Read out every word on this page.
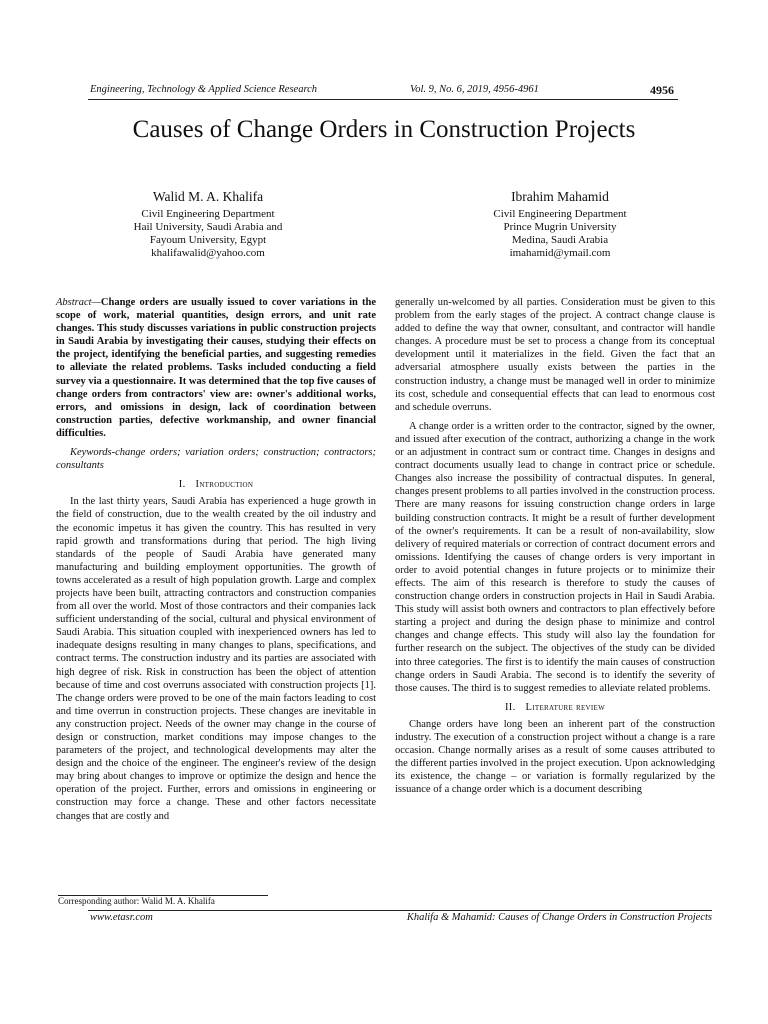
Engineering, Technology & Applied Science Research	Vol. 9, No. 6, 2019, 4956-4961	4956
Causes of Change Orders in Construction Projects
Walid M. A. Khalifa
Civil Engineering Department
Hail University, Saudi Arabia and
Fayoum University, Egypt
khalifawalid@yahoo.com
Ibrahim Mahamid
Civil Engineering Department
Prince Mugrin University
Medina, Saudi Arabia
imahamid@ymail.com

Abstract—Change orders are usually issued to cover variations in the scope of work, material quantities, design errors, and unit rate changes. This study discusses variations in public construction projects in Saudi Arabia by investigating their causes, studying their effects on the project, identifying the beneficial parties, and suggesting remedies to alleviate the related problems. Tasks included conducting a field survey via a questionnaire. It was determined that the top five causes of change orders from contractors' view are: owner's additional works, errors, and omissions in design, lack of coordination between construction parties, defective workmanship, and owner financial difficulties.

Keywords-change orders; variation orders; construction; contractors; consultants

I. Introduction

In the last thirty years, Saudi Arabia has experienced a huge growth in the field of construction, due to the wealth created by the oil industry and the economic impetus it has given the country. This has resulted in very rapid growth and transformations during that period. The high living standards of the people of Saudi Arabia have generated many manufacturing and building employment opportunities. The growth of towns accelerated as a result of high population growth. Large and complex projects have been built, attracting contractors and construction companies from all over the world. Most of those contractors and their companies lack sufficient understanding of the social, cultural and physical environment of Saudi Arabia. This situation coupled with inexperienced owners has led to inadequate designs resulting in many changes to plans, specifications, and contract terms. The construction industry and its parties are associated with high degree of risk. Risk in construction has been the object of attention because of time and cost overruns associated with construction projects [1]. The change orders were proved to be one of the main factors leading to cost and time overrun in construction projects. These changes are inevitable in any construction project. Needs of the owner may change in the course of design or construction, market conditions may impose changes to the parameters of the project, and technological developments may alter the design and the choice of the engineer. The engineer's review of the design may bring about changes to improve or optimize the design and hence the operation of the project. Further, errors and omissions in engineering or construction may force a change. These and other factors necessitate changes that are costly and

generally un-welcomed by all parties. Consideration must be given to this problem from the early stages of the project. A contract change clause is added to define the way that owner, consultant, and contractor will handle changes. A procedure must be set to process a change from its conceptual development until it materializes in the field. Given the fact that an adversarial atmosphere usually exists between the parties in the construction industry, a change must be managed well in order to minimize its cost, schedule and consequential effects that can lead to enormous cost and schedule overruns.

A change order is a written order to the contractor, signed by the owner, and issued after execution of the contract, authorizing a change in the work or an adjustment in contract sum or contract time. Changes in designs and contract documents usually lead to change in contract price or schedule. Changes also increase the possibility of contractual disputes. In general, changes present problems to all parties involved in the construction process. There are many reasons for issuing construction change orders in large building construction contracts. It might be a result of further development of the owner's requirements. It can be a result of non-availability, slow delivery of required materials or correction of contract document errors and omissions. Identifying the causes of change orders is very important in order to avoid potential changes in future projects or to minimize their effects. The aim of this research is therefore to study the causes of construction change orders in construction projects in Hail in Saudi Arabia. This study will assist both owners and contractors to plan effectively before starting a project and during the design phase to minimize and control changes and change effects. This study will also lay the foundation for further research on the subject. The objectives of the study can be divided into three categories. The first is to identify the main causes of construction change orders in Saudi Arabia. The second is to identify the severity of those causes. The third is to suggest remedies to alleviate related problems.

II. Literature review

Change orders have long been an inherent part of the construction industry. The execution of a construction project without a change is a rare occasion. Change normally arises as a result of some causes attributed to the different parties involved in the project execution. Upon acknowledging its existence, the change – or variation is formally regularized by the issuance of a change order which is a document describing

Corresponding author: Walid M. A. Khalifa
www.etasr.com	Khalifa & Mahamid: Causes of Change Orders in Construction Projects
